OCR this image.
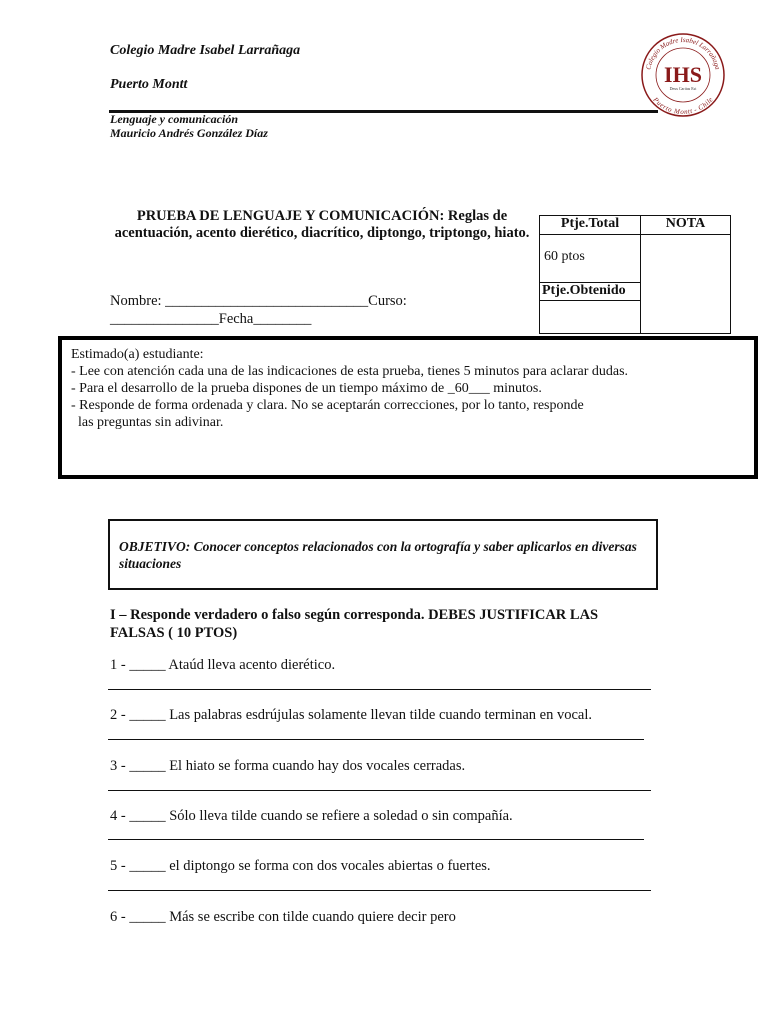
Colegio Madre Isabel Larrañaga
Puerto Montt
Lenguaje y comunicación
Mauricio Andrés González Díaz
Colegio Madre Isabel Larrañaga
Puerto Montt - Chile
IHS
Deus Caritas Est
PRUEBA DE LENGUAJE Y COMUNICACIÓN: Reglas de acentuación, acento dierético, diacrítico, diptongo, triptongo, hiato.
Nombre: ____________________________Curso: _______________Fecha________
Ptje.Total	NOTA
60 ptos	
Ptje.Obtenido	

Estimado(a) estudiante:
- Lee con atención cada una de las indicaciones de esta prueba, tienes 5 minutos para aclarar dudas.
- Para el desarrollo de la prueba dispones de un tiempo máximo de _60___ minutos.
- Responde de forma ordenada y clara. No se aceptarán correcciones, por lo tanto, responde
las preguntas sin adivinar.
OBJETIVO: Conocer conceptos relacionados con la ortografía y saber aplicarlos en diversas situaciones
I – Responde verdadero o falso según corresponda. DEBES JUSTIFICAR LAS FALSAS ( 10 PTOS)
1 - _____ Ataúd lleva acento dierético.
2 - _____ Las palabras esdrújulas solamente llevan tilde cuando terminan en vocal.
3 - _____ El hiato se forma cuando hay dos vocales cerradas.
4 - _____ Sólo lleva tilde cuando se refiere a soledad o sin compañía.
5 - _____ el diptongo se forma con dos vocales abiertas o fuertes.
6 - _____ Más se escribe con tilde cuando quiere decir pero
